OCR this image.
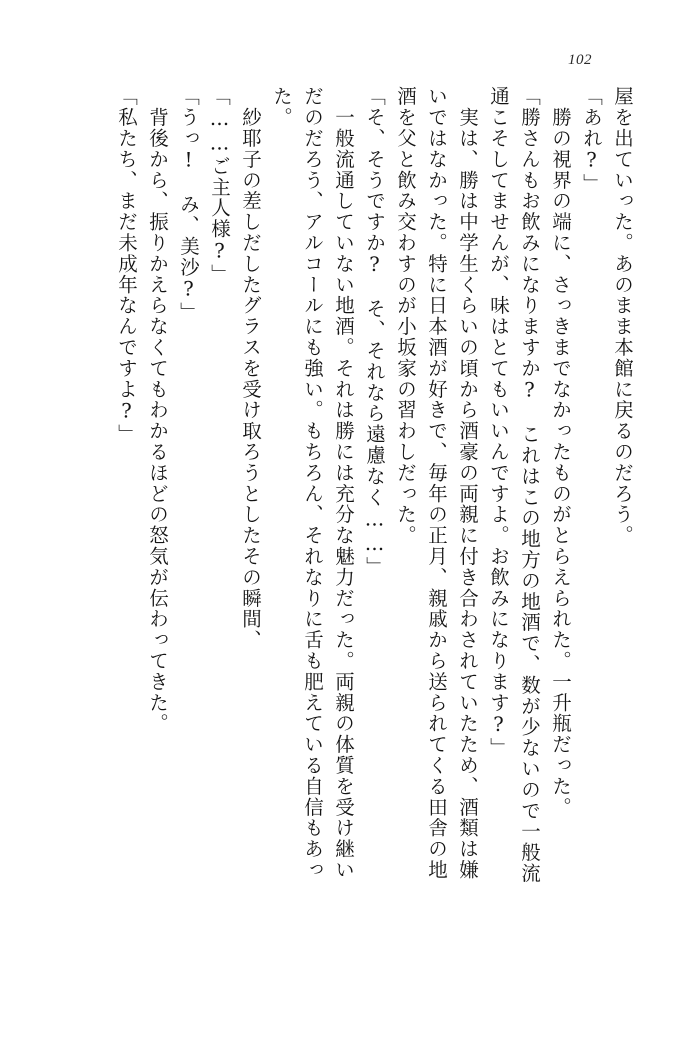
102
屋を出ていった。あのまま本館に戻るのだろう。
「あれ?」
　勝の視界の端に、さっきまでなかったものがとらえられた。一升瓶だった。
「勝さんもお飲みになりますか?　これはこの地方の地酒で、数が少ないので一般流
通こそしてませんが、味はとてもいいんですよ。お飲みになります?」
　実は、勝は中学生くらいの頃から酒豪の両親に付き合わされていたため、酒類は嫌
いではなかった。特に日本酒が好きで、毎年の正月、親戚から送られてくる田舎の地
酒を父と飲み交わすのが小坂家の習わしだった。
「そ、そうですか?　そ、それなら遠慮なく……」
　一般流通していない地酒。それは勝には充分な魅力だった。両親の体質を受け継い
だのだろう、アルコールにも強い。もちろん、それなりに舌も肥えている自信もあっ
た。
　紗耶子の差しだしたグラスを受け取ろうとしたその瞬間、
「……ご主人様?」
「うっ!　み、美沙?」
　背後から、振りかえらなくてもわかるほどの怒気が伝わってきた。
「私たち、まだ未成年なんですよ?」
